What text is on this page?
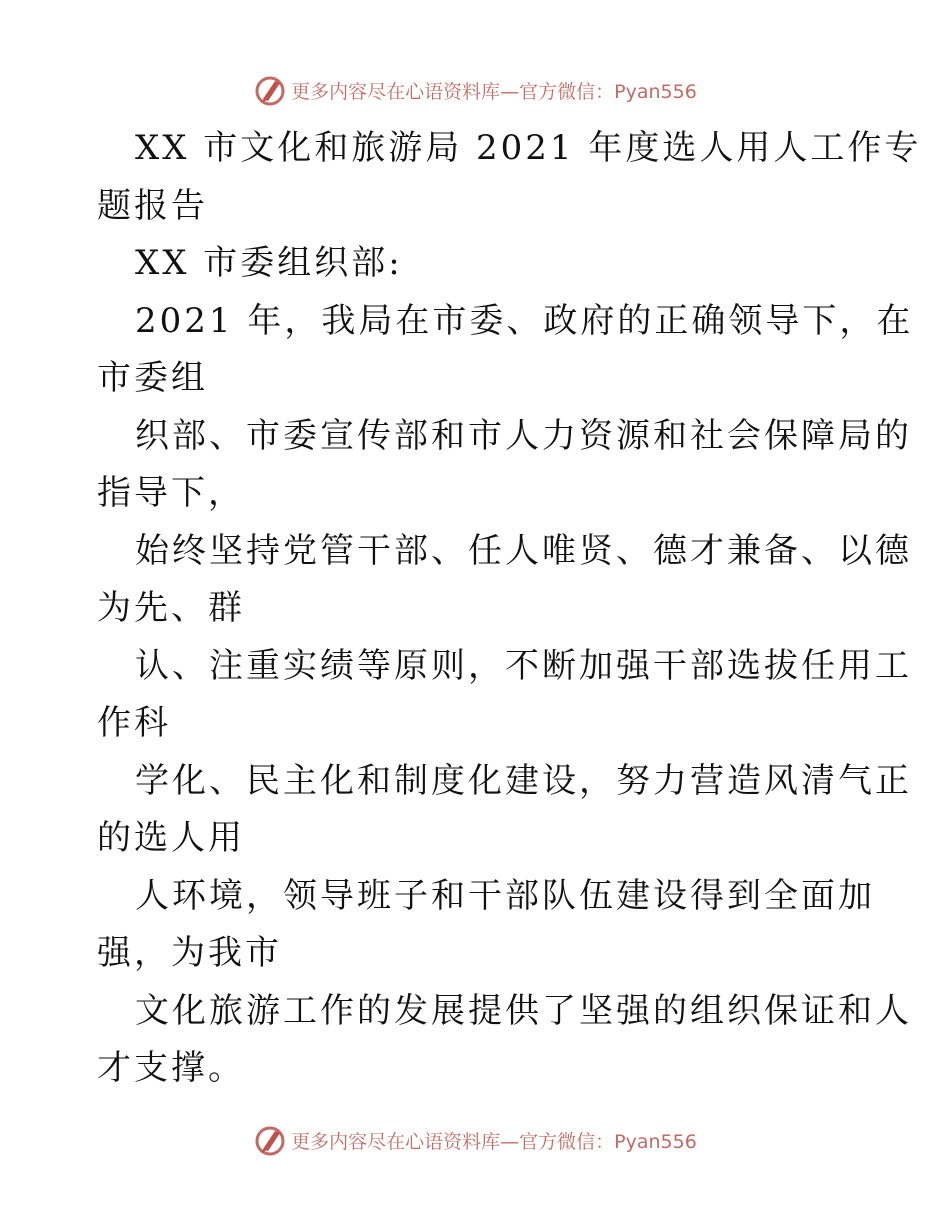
更多内容尽在心语资料库—官方微信：Pyan556
XX 市文化和旅游局 2021 年度选人用人工作专
题报告
XX 市委组织部:
2021 年，我局在市委、政府的正确领导下，在
市委组
织部、市委宣传部和市人力资源和社会保障局的
指导下，
始终坚持党管干部、任人唯贤、德才兼备、以德
为先、群
认、注重实绩等原则，不断加强干部选拔任用工
作科
学化、民主化和制度化建设，努力营造风清气正
的选人用
人环境，领导班子和干部队伍建设得到全面加
强，为我市
文化旅游工作的发展提供了坚强的组织保证和人
才支撑。
更多内容尽在心语资料库—官方微信：Pyan556
